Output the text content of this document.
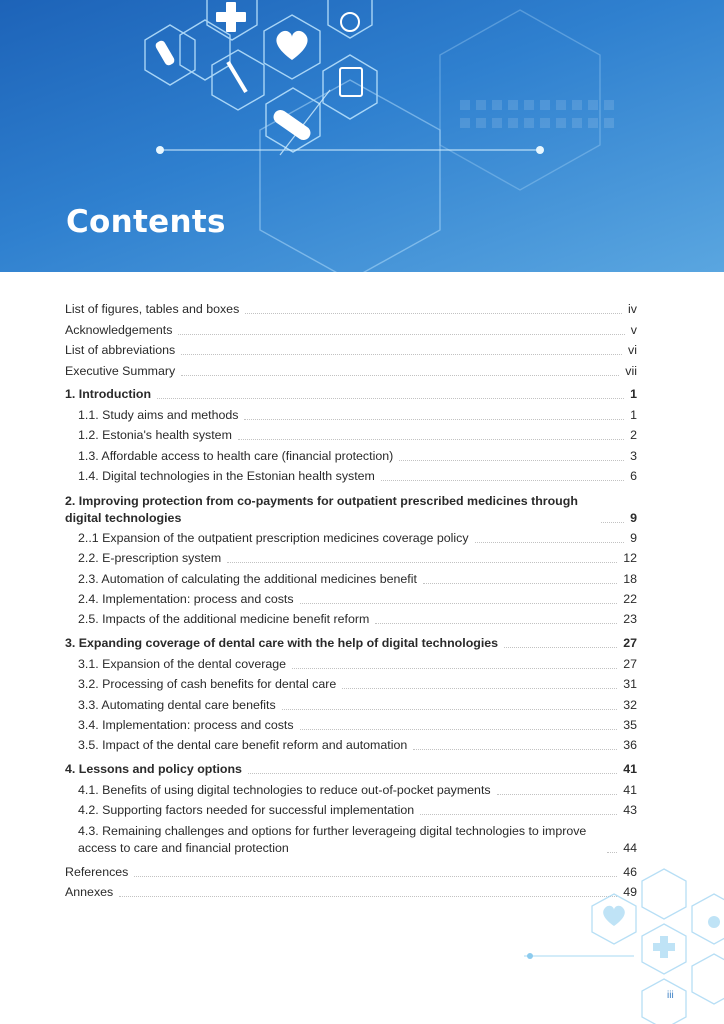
Contents
List of figures, tables and boxes	iv
Acknowledgements	v
List of abbreviations	vi
Executive Summary	vii
1. Introduction	1
1.1. Study aims and methods	1
1.2. Estonia's health system	2
1.3. Affordable access to health care (financial protection)	3
1.4. Digital technologies in the Estonian health system	6
2. Improving protection from co-payments for outpatient prescribed medicines through digital technologies	9
2..1 Expansion of the outpatient prescription medicines coverage policy	9
2.2. E-prescription system	12
2.3. Automation of calculating the additional medicines benefit	18
2.4. Implementation: process and costs	22
2.5. Impacts of the additional medicine benefit reform	23
3. Expanding coverage of dental care with the help of digital technologies	27
3.1. Expansion of the dental coverage	27
3.2. Processing of cash benefits for dental care	31
3.3. Automating dental care benefits	32
3.4. Implementation: process and costs	35
3.5. Impact of the dental care benefit reform and automation	36
4. Lessons and policy options	41
4.1. Benefits of using digital technologies to reduce out-of-pocket payments	41
4.2. Supporting factors needed for successful implementation	43
4.3. Remaining challenges and options for further leverageing digital technologies to improve access to care and financial protection	44
References	46
Annexes	49
iii
